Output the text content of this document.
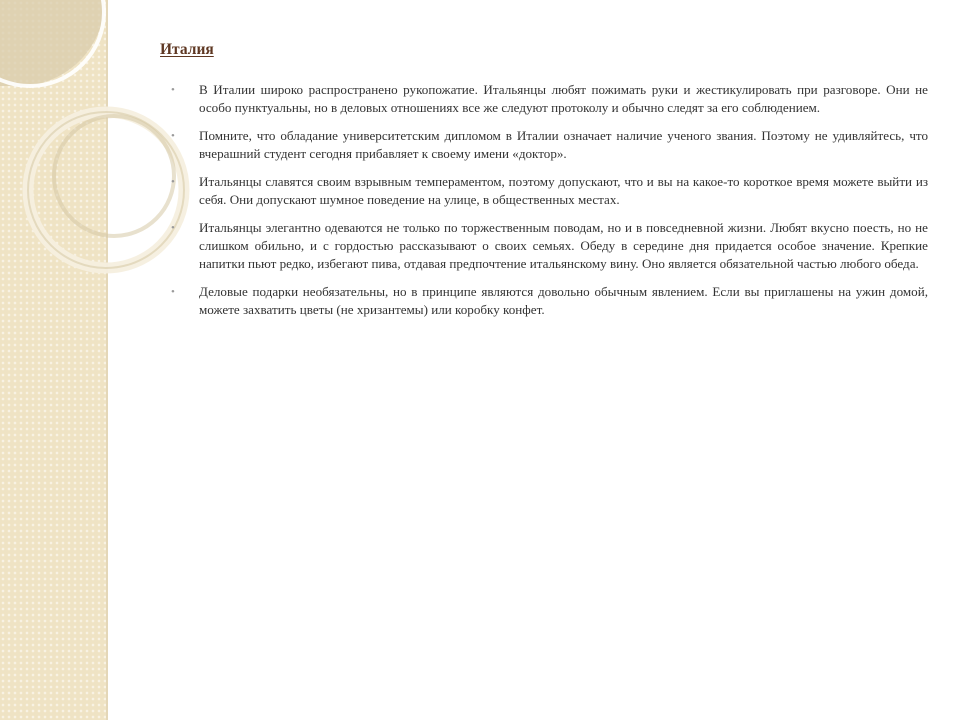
Италия
• В Италии широко распространено рукопожатие. Итальянцы любят пожимать руки и жестикулировать при разговоре. Они не особо пунктуальны, но в деловых отношениях все же следуют протоколу и обычно следят за его соблюдением.
• Помните, что обладание университетским дипломом в Италии означает наличие ученого звания. Поэтому не удивляйтесь, что вчерашний студент сегодня прибавляет к своему имени «доктор».
• Итальянцы славятся своим взрывным темпераментом, поэтому допускают, что и вы на какое-то короткое время можете выйти из себя. Они допускают шумное поведение на улице, в общественных местах.
• Итальянцы элегантно одеваются не только по торжественным поводам, но и в повседневной жизни. Любят вкусно поесть, но не слишком обильно, и с гордостью рассказывают о своих семьях. Обеду в середине дня придается особое значение. Крепкие напитки пьют редко, избегают пива, отдавая предпочтение итальянскому вину. Оно является обязательной частью любого обеда.
• Деловые подарки необязательны, но в принципе являются довольно обычным явлением. Если вы приглашены на ужин домой, можете захватить цветы (не хризантемы) или коробку конфет.
